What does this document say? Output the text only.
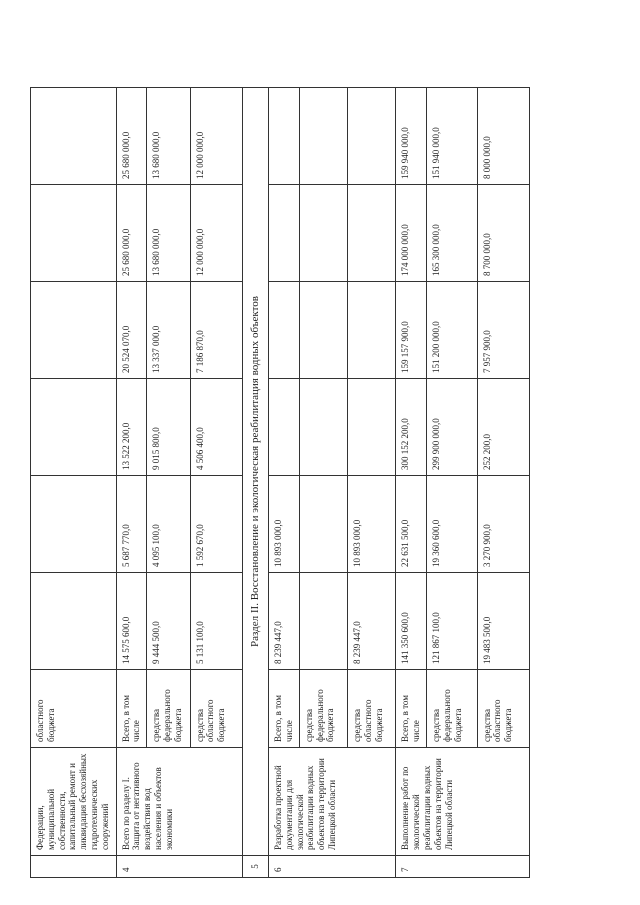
	Федерации, муниципальной собственности, капитальный ремонт и ликвидация бесхозяйных гидротехнических сооружений	областного бюджета						
4	Всего по разделу I. Защита от негативного воздействия вод населения и объектов экономики	Всего, в том числе	14 575 600,0	5 687 770,0	13 522 200,0	20 524 070,0	25 680 000,0	25 680 000,0
		средства федерального бюджета	9 444 500,0	4 095 100,0	9 015 800,0	13 337 000,0	13 680 000,0	13 680 000,0
		средства областного бюджета	5 131 100,0	1 592 670,0	4 506 400,0	7 186 870,0	12 000 000,0	12 000 000,0
5	Раздел II. Восстановление и экологическая реабилитация водных объектов							
6	Разработка проектной документации для экологической реабилитации водных объектов на территории Липецкой области	Всего, в том числе	8 239 447,0	10 893 000,0				
		средства федерального бюджета						
		средства областного бюджета	8 239 447,0	10 893 000,0				
7	Выполнение работ по экологической реабилитации водных объектов на территории Липецкой области	Всего, в том числе	141 350 600,0	22 631 500,0	300 152 200,0	159 157 900,0	174 000 000,0	159 940 000,0
		средства федерального бюджета	121 867 100,0	19 360 600,0	299 900 000,0	151 200 000,0	165 300 000,0	151 940 000,0
		средства областного бюджета	19 483 500,0	3 270 900,0	252 200,0	7 957 900,0	8 700 000,0	8 000 000,0
